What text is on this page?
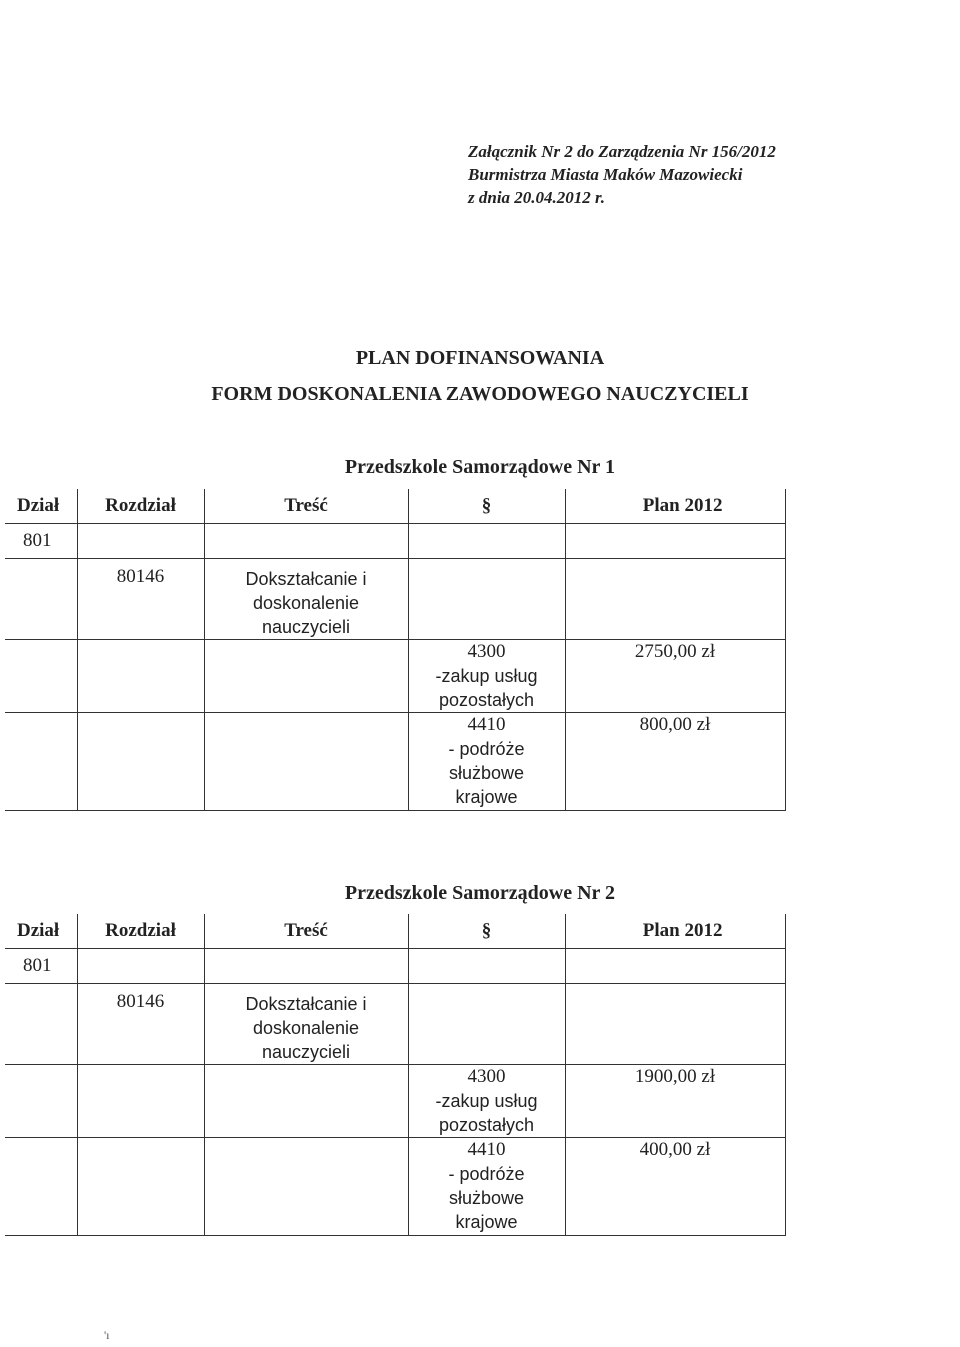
Załącznik Nr 2 do Zarządzenia Nr 156/2012
Burmistrza Miasta Maków Mazowiecki
z dnia 20.04.2012 r.
PLAN DOFINANSOWANIA
FORM DOSKONALENIA ZAWODOWEGO NAUCZYCIELI
Przedszkole Samorządowe Nr 1
Dział	Rozdział	Treść	§	Plan 2012
801				
	80146	Dokształcanie i
doskonalenie
nauczycieli		

			4300
-zakup usług
pozostałych	2750,00 zł

			4410
- podróże
służbowe
krajowe	800,00 zł
Przedszkole Samorządowe Nr 2
Dział	Rozdział	Treść	§	Plan 2012
801				
	80146	Dokształcanie i
doskonalenie
nauczycieli		

			4300
-zakup usług
pozostałych	1900,00 zł

			4410
- podróże
służbowe
krajowe	400,00 zł
'ı
